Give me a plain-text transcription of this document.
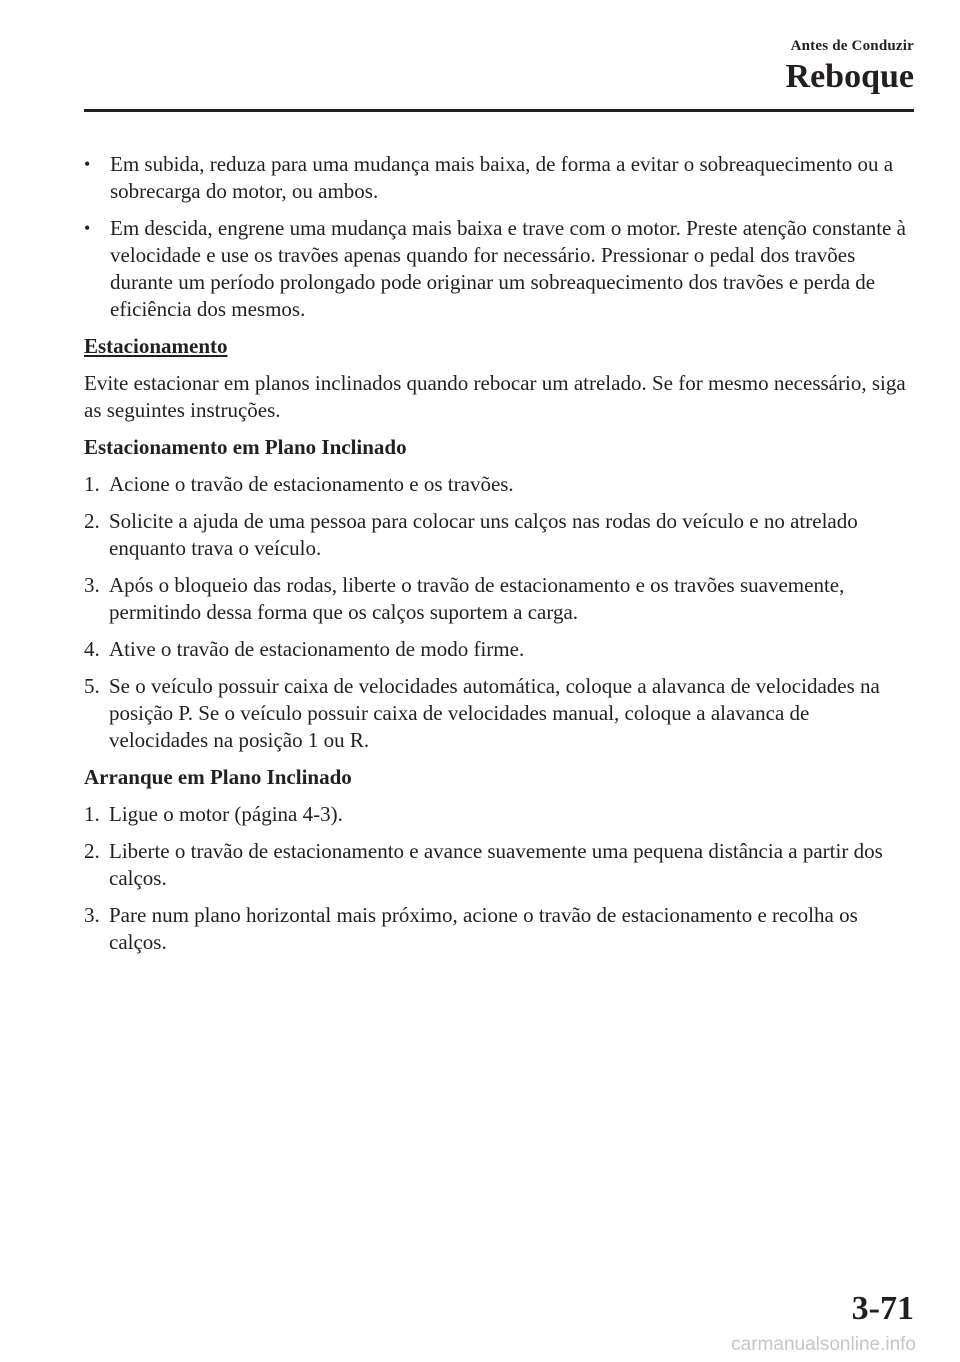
Antes de Conduzir
Reboque
• Em subida, reduza para uma mudança mais baixa, de forma a evitar o sobreaquecimento ou a sobrecarga do motor, ou ambos.
• Em descida, engrene uma mudança mais baixa e trave com o motor. Preste atenção constante à velocidade e use os travões apenas quando for necessário. Pressionar o pedal dos travões durante um período prolongado pode originar um sobreaquecimento dos travões e perda de eficiência dos mesmos.
Estacionamento
Evite estacionar em planos inclinados quando rebocar um atrelado. Se for mesmo necessário, siga as seguintes instruções.
Estacionamento em Plano Inclinado
1. Acione o travão de estacionamento e os travões.
2. Solicite a ajuda de uma pessoa para colocar uns calços nas rodas do veículo e no atrelado enquanto trava o veículo.
3. Após o bloqueio das rodas, liberte o travão de estacionamento e os travões suavemente, permitindo dessa forma que os calços suportem a carga.
4. Ative o travão de estacionamento de modo firme.
5. Se o veículo possuir caixa de velocidades automática, coloque a alavanca de velocidades na posição P. Se o veículo possuir caixa de velocidades manual, coloque a alavanca de velocidades na posição 1 ou R.
Arranque em Plano Inclinado
1. Ligue o motor (página 4-3).
2. Liberte o travão de estacionamento e avance suavemente uma pequena distância a partir dos calços.
3. Pare num plano horizontal mais próximo, acione o travão de estacionamento e recolha os calços.
3-71
carmanualsonline.info
